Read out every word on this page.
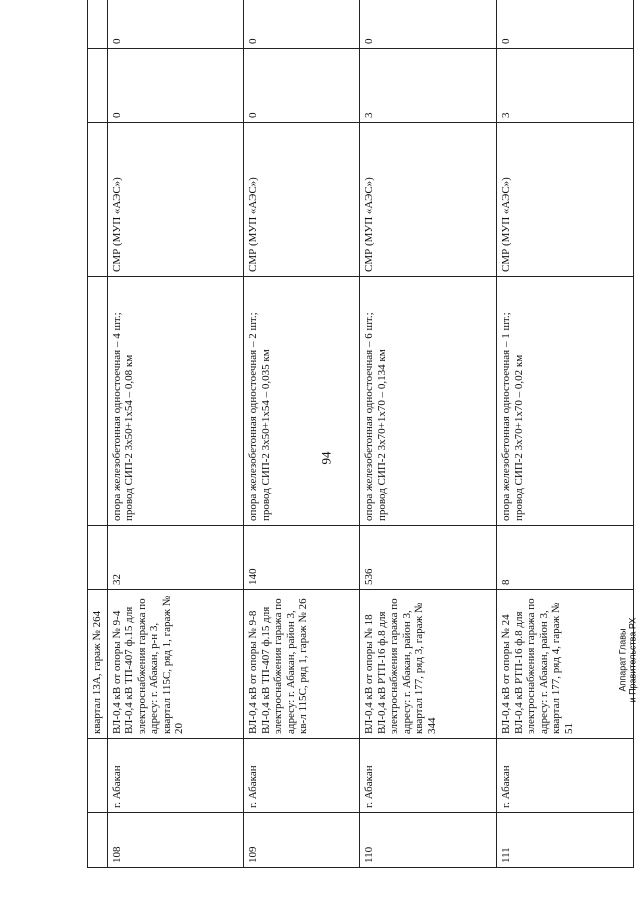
94
		квартал 13А, гараж № 264					
108	г. Абакан	ВЛ-0,4 кВ от опоры № 9-4 ВЛ-0,4 кВ ТП-407 ф.15 для электроснабжения гаража по адресу: г. Абакан, р-н 3, квартал 115С, ряд 1, гараж № 20	32	опора железобетонная одностоечная – 4 шт.; провод СИП-2 3х50+1х54 – 0,08 км	СМР (МУП «АЭС»)	0	0
109	г. Абакан	ВЛ-0,4 кВ от опоры № 9-8 ВЛ-0,4 кВ ТП-407 ф.15 для электроснабжения гаража по адресу: г. Абакан, район 3, кв-л 115С, ряд 1, гараж № 26	140	опора железобетонная одностоечная – 2 шт.; провод СИП-2 3х50+1х54 – 0,035 км	СМР (МУП «АЭС»)	0	0
110	г. Абакан	ВЛ-0,4 кВ от опоры № 18 ВЛ-0,4 кВ РТП-16 ф.8 для электроснабжения гаража по адресу: г. Абакан, район 3, квартал 177, ряд 3, гараж № 344	536	опора железобетонная одностоечная – 6 шт.; провод СИП-2 3х70+1х70 – 0,134 км	СМР (МУП «АЭС»)	3	0
111	г. Абакан	ВЛ-0,4 кВ от опоры № 24 ВЛ-0,4 кВ РТП-16 ф.8 для электроснабжения гаража по адресу: г. Абакан, район 3, квартал 177, ряд 4, гараж № 51	8	опора железобетонная одностоечная – 1 шт.; провод СИП-2 3х70+1х70 – 0,02 км	СМР (МУП «АЭС»)	3	0
Аппарат Главы и Правительства РХ
